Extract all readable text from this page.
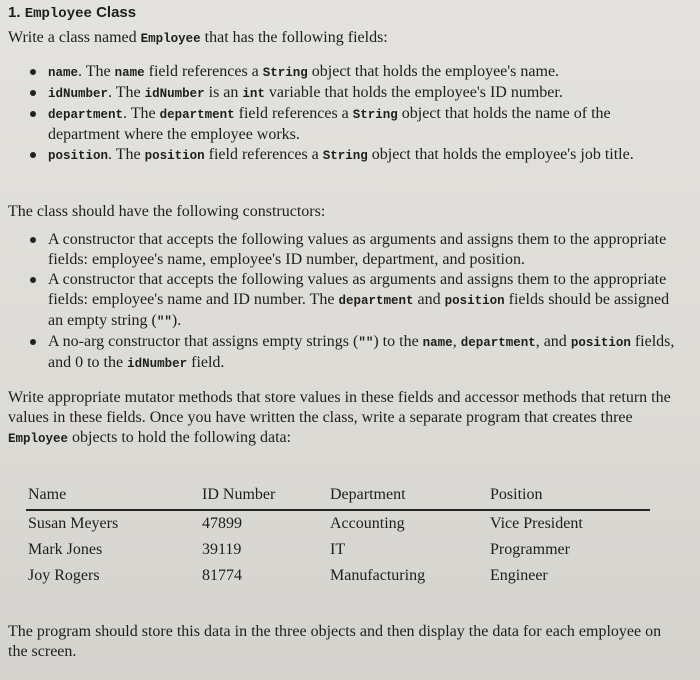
1. Employee Class
Write a class named Employee that has the following fields:
name. The name field references a String object that holds the employee's name.
idNumber. The idNumber is an int variable that holds the employee's ID number.
department. The department field references a String object that holds the name of the department where the employee works.
position. The position field references a String object that holds the employee's job title.
The class should have the following constructors:
A constructor that accepts the following values as arguments and assigns them to the appropriate fields: employee's name, employee's ID number, department, and position.
A constructor that accepts the following values as arguments and assigns them to the appropriate fields: employee's name and ID number. The department and position fields should be assigned an empty string ("").
A no-arg constructor that assigns empty strings ("") to the name, department, and position fields, and 0 to the idNumber field.
Write appropriate mutator methods that store values in these fields and accessor methods that return the values in these fields. Once you have written the class, write a separate program that creates three Employee objects to hold the following data:
Name	ID Number	Department	Position
Susan Meyers	47899	Accounting	Vice President
Mark Jones	39119	IT	Programmer
Joy Rogers	81774	Manufacturing	Engineer
The program should store this data in the three objects and then display the data for each employee on the screen.
